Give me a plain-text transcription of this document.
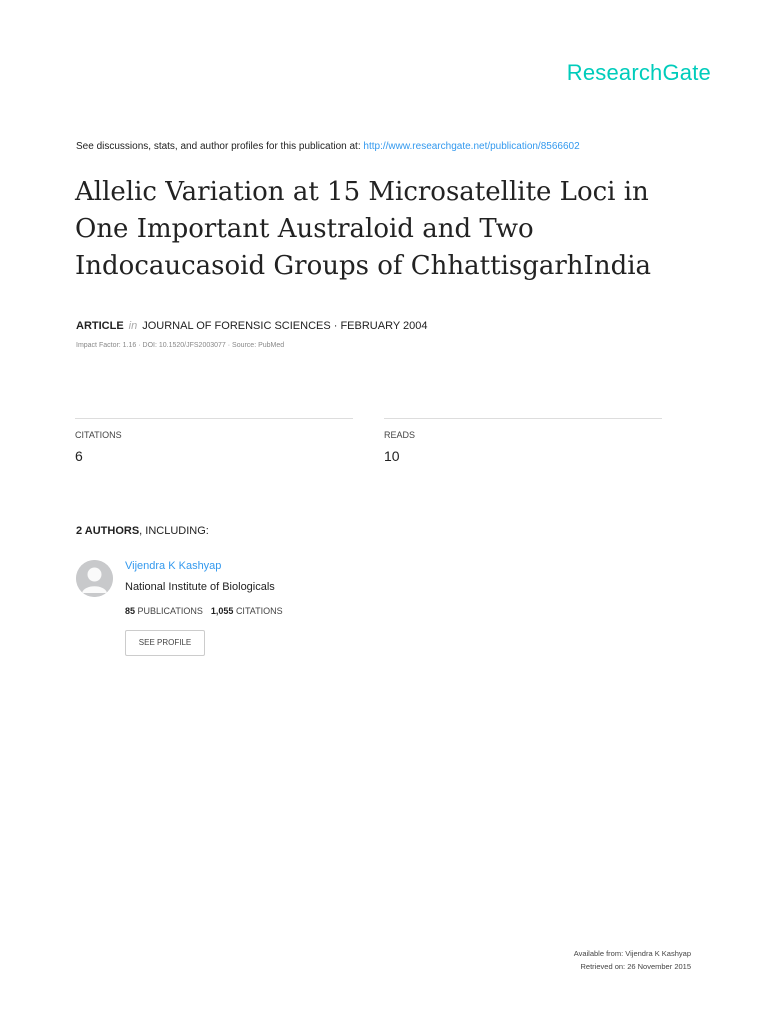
ResearchGate
See discussions, stats, and author profiles for this publication at: http://www.researchgate.net/publication/8566602
Allelic Variation at 15 Microsatellite Loci in One Important Australoid and Two Indocaucasoid Groups of ChhattisgarhIndia
ARTICLE in JOURNAL OF FORENSIC SCIENCES · FEBRUARY 2004
Impact Factor: 1.16 · DOI: 10.1520/JFS2003077 · Source: PubMed
CITATIONS
6
READS
10
2 AUTHORS, INCLUDING:
Vijendra K Kashyap
National Institute of Biologicals
85 PUBLICATIONS 1,055 CITATIONS
SEE PROFILE
Available from: Vijendra K Kashyap
Retrieved on: 26 November 2015
